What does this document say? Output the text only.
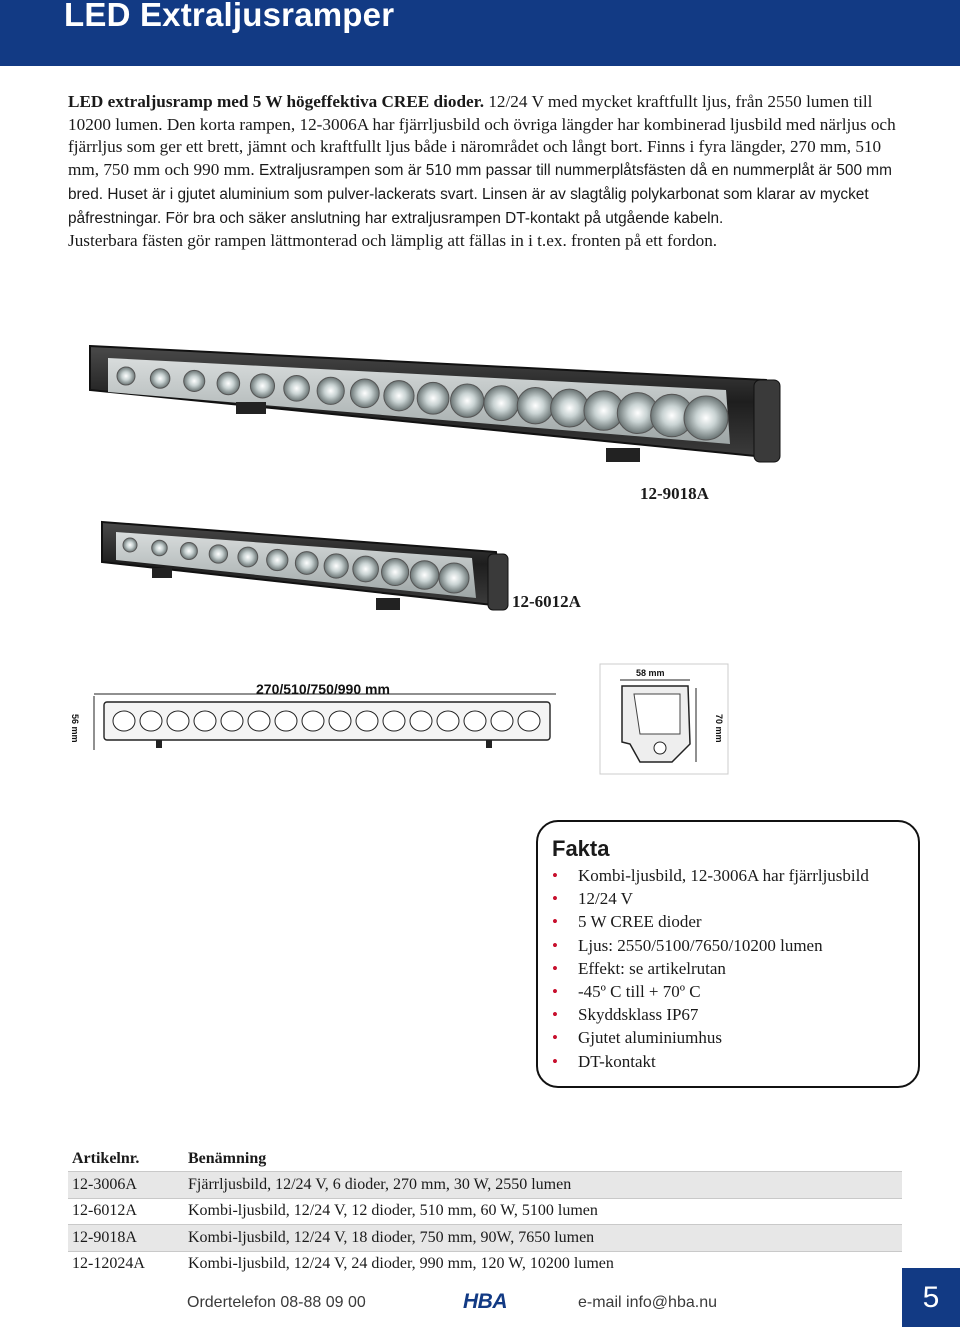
LED Extraljusramper
LED extraljusramp med 5 W högeffektiva CREE dioder. 12/24 V med mycket kraftfullt ljus, från 2550 lumen till 10200 lumen. Den korta rampen, 12-3006A har fjärrljusbild och övriga längder har kombinerad ljusbild med närljus och fjärrljus som ger ett brett, jämnt och kraftfullt ljus både i närområdet och långt bort. Finns i fyra längder, 270 mm, 510 mm, 750 mm och 990 mm. Extraljusrampen som är 510 mm passar till nummerplåtsfästen då en nummerplåt är 500 mm bred. Huset är i gjutet aluminium som pulver-lackerats svart. Linsen är av slagtålig polykarbonat som klarar av mycket påfrestningar. För bra och säker anslutning har extraljusrampen DT-kontakt på utgående kabeln.
Justerbara fästen gör rampen lättmonterad och lämplig att fällas in i t.ex. fronten på ett fordon.
12-9018A
12-6012A
270/510/750/990 mm
56 mm
58 mm
70 mm
Fakta
• Kombi-ljusbild, 12-3006A har fjärrljusbild
• 12/24 V
• 5 W CREE dioder
• Ljus: 2550/5100/7650/10200 lumen
• Effekt: se artikelrutan
• -45º C till + 70º C
• Skyddsklass IP67
• Gjutet aluminiumhus
• DT-kontakt
Artikelnr.	Benämning
12-3006A	Fjärrljusbild, 12/24 V, 6 dioder, 270 mm, 30 W, 2550 lumen
12-6012A	Kombi-ljusbild, 12/24 V, 12 dioder, 510 mm, 60 W, 5100 lumen
12-9018A	Kombi-ljusbild, 12/24 V, 18 dioder, 750 mm, 90W, 7650 lumen
12-12024A	Kombi-ljusbild, 12/24 V, 24 dioder, 990 mm, 120 W, 10200 lumen
Ordertelefon 08-88 09 00	HBA	e-mail info@hba.nu	5
